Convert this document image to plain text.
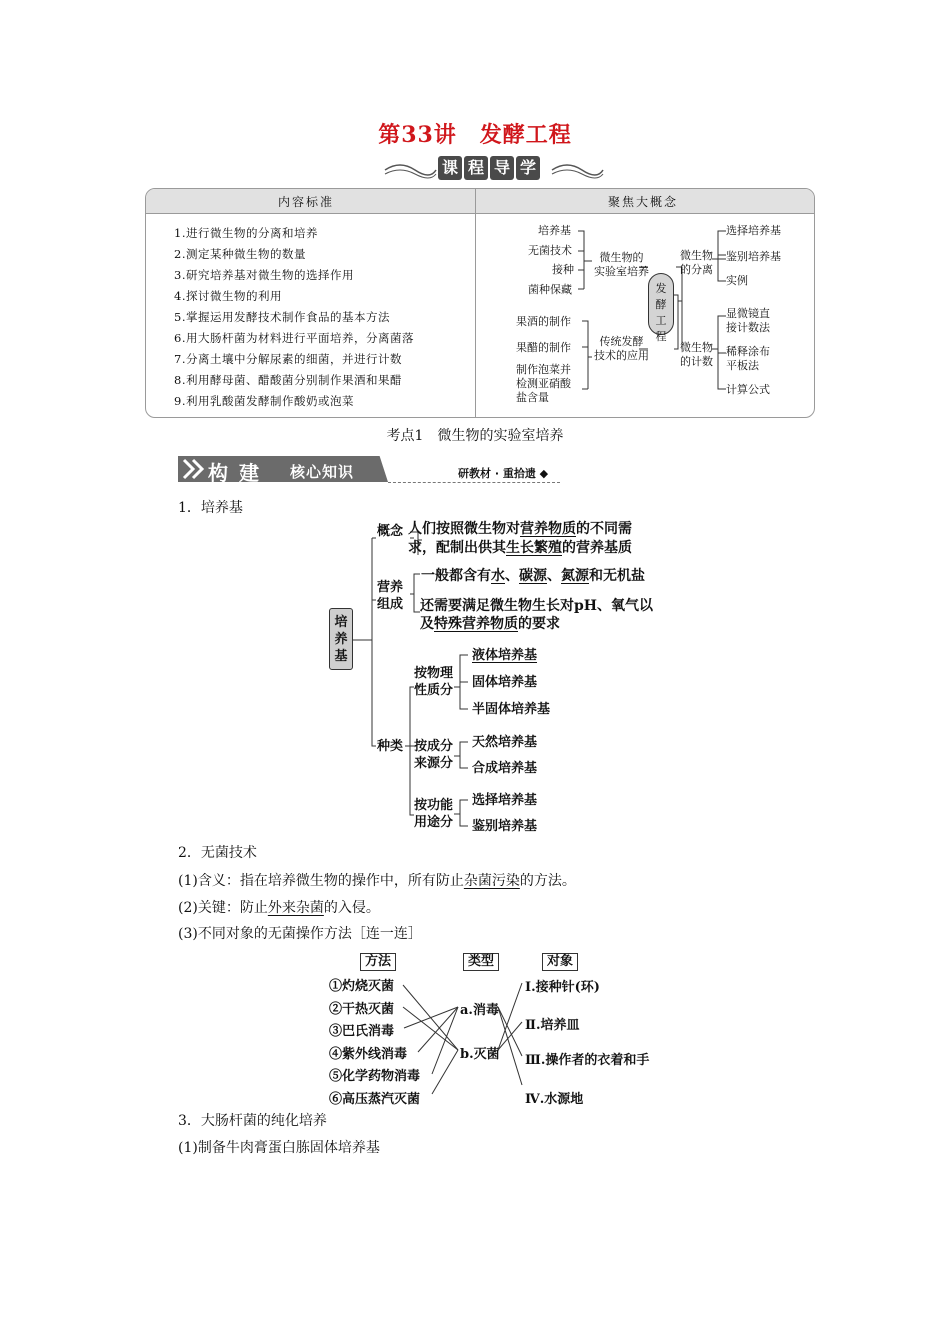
第33讲　发酵工程
课 程 导 学
内容标准	聚焦大概念
1.进行微生物的分离和培养
2.测定某种微生物的数量
3.研究培养基对微生物的选择作用
4.探讨微生物的利用
5.掌握运用发酵技术制作食品的基本方法
6.用大肠杆菌为材料进行平面培养，分离菌落
7.分离土壤中分解尿素的细菌，并进行计数
8.利用酵母菌、醋酸菌分别制作果酒和果醋
9.利用乳酸菌发酵制作酸奶或泡菜
培养基
无菌技术
接种
菌种保藏
微生物的
实验室培养
果酒的制作
果醋的制作
制作泡菜并
检测亚硝酸
盐含量
传统发酵
技术的应用
发
酵
工
程
微生物
的分离
选择培养基
鉴别培养基
实例
微生物
的计数
显微镜直
接计数法
稀释涂布
平板法
计算公式
考点1　微生物的实验室培养
构 建 核心知识	研教材 · 重拾遗 ◆
1．培养基
培
养
基
概念 人们按照微生物对营养物质的不同需
求，配制出供其生长繁殖的营养基质
营养
组成
一般都含有水、碳源、氮源和无机盐
还需要满足微生物生长对pH、氧气以
及特殊营养物质的要求
种类
按物理
性质分
液体培养基
固体培养基
半固体培养基
按成分
来源分
天然培养基
合成培养基
按功能
用途分
选择培养基
鉴别培养基
2．无菌技术
(1)含义：指在培养微生物的操作中，所有防止杂菌污染的方法。
(2)关键：防止外来杂菌的入侵。
(3)不同对象的无菌操作方法［连一连］
方法	类型	对象
①灼烧灭菌
②干热灭菌
③巴氏消毒
④紫外线消毒
⑤化学药物消毒
⑥高压蒸汽灭菌
a.消毒
b.灭菌
Ⅰ.接种针(环)
Ⅱ.培养皿
Ⅲ.操作者的衣着和手
Ⅳ.水源地
3．大肠杆菌的纯化培养
(1)制备牛肉膏蛋白胨固体培养基
